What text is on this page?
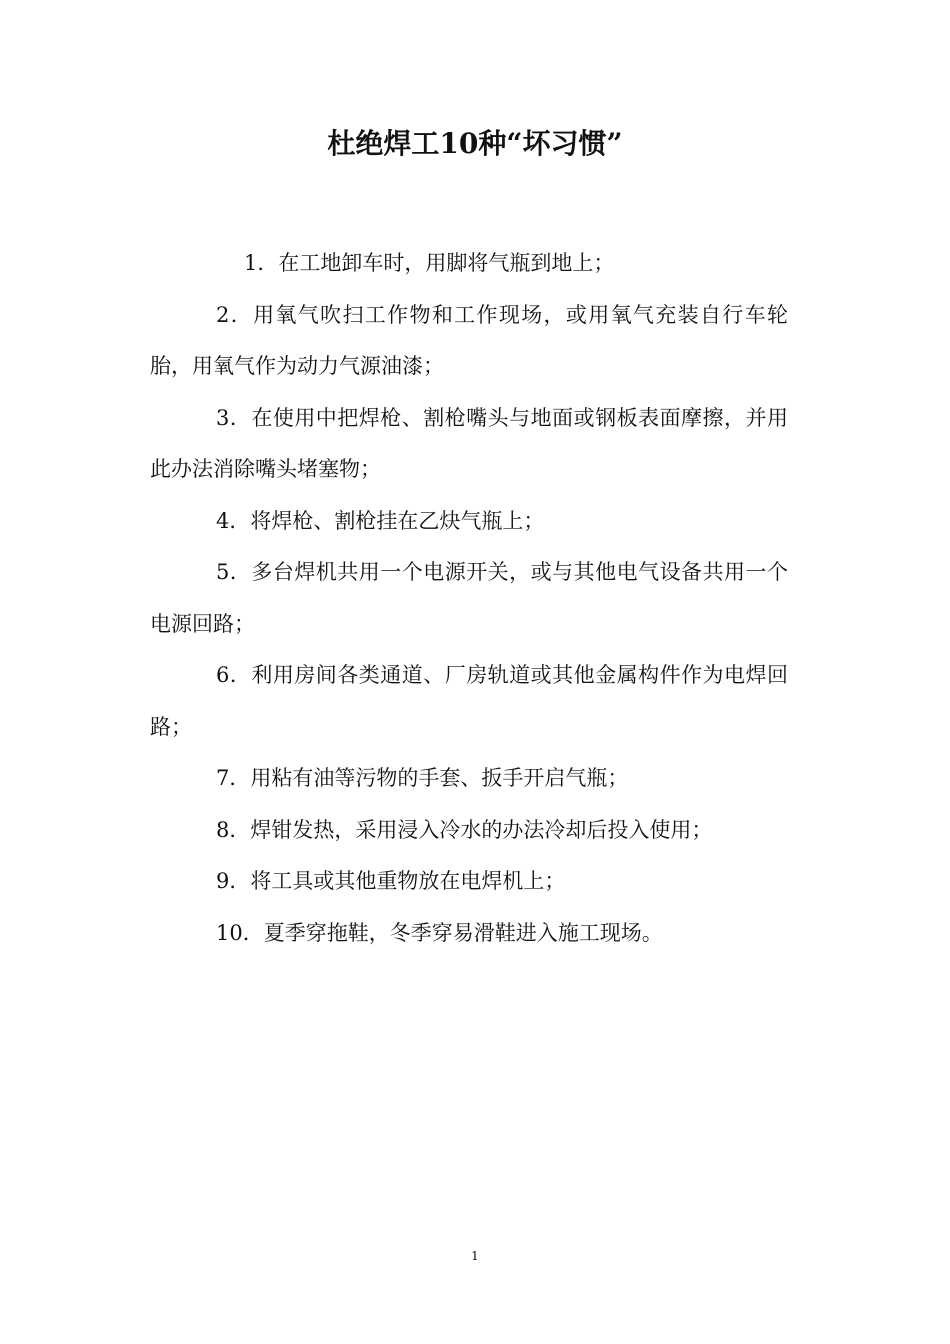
杜绝焊工10种“坏习惯”

1．在工地卸车时，用脚将气瓶到地上；

2．用氧气吹扫工作物和工作现场，或用氧气充装自行车轮胎，用氧气作为动力气源油漆；

3．在使用中把焊枪、割枪嘴头与地面或钢板表面摩擦，并用此办法消除嘴头堵塞物；

4．将焊枪、割枪挂在乙炔气瓶上；

5．多台焊机共用一个电源开关，或与其他电气设备共用一个电源回路；

6．利用房间各类通道、厂房轨道或其他金属构件作为电焊回路；

7．用粘有油等污物的手套、扳手开启气瓶；

8．焊钳发热，采用浸入冷水的办法冷却后投入使用；

9．将工具或其他重物放在电焊机上；

10．夏季穿拖鞋，冬季穿易滑鞋进入施工现场。

1
